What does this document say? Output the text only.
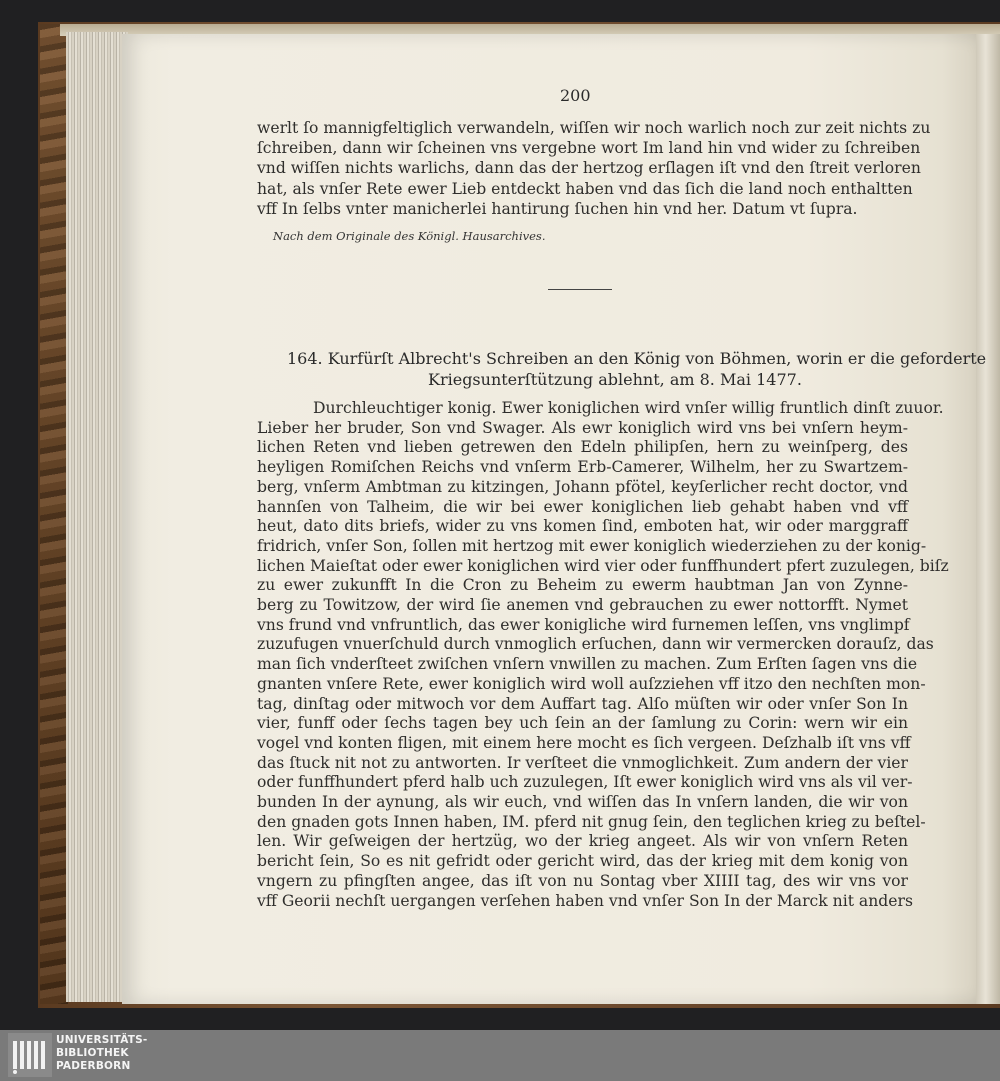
200
werlt ſo mannigfeltiglich verwandeln, wiſſen wir noch warlich noch zur zeit nichts zu
ſchreiben, dann wir ſcheinen vns vergebne wort Im land hin vnd wider zu ſchreiben
vnd wiſſen nichts warlichs, dann das der hertzog erſlagen iſt vnd den ſtreit verloren
hat, als vnſer Rete ewer Lieb entdeckt haben vnd das ſich die land noch enthaltten
vff In ſelbs vnter manicherlei hantirung ſuchen hin vnd her. Datum vt ſupra.
Nach dem Originale des Königl. Hausarchives.
164. Kurfürſt Albrecht's Schreiben an den König von Böhmen, worin er die geforderte
Kriegsunterſtützung ablehnt, am 8. Mai 1477.
Durchleuchtiger konig. Ewer koniglichen wird vnſer willig fruntlich dinſt zuuor.
Lieber her bruder, Son vnd Swager. Als ewr koniglich wird vns bei vnſern heym-
lichen Reten vnd lieben getrewen den Edeln philipſen, hern zu weinſperg, des
heyligen Romiſchen Reichs vnd vnſerm Erb-Camerer, Wilhelm, her zu Swartzem-
berg, vnſerm Ambtman zu kitzingen, Johann pfötel, keyſerlicher recht doctor, vnd
hannſen von Talheim, die wir bei ewer koniglichen lieb gehabt haben vnd vff
heut, dato dits briefs, wider zu vns komen ſind, emboten hat, wir oder marggraff
fridrich, vnſer Son, ſollen mit hertzog mit ewer koniglich wiederziehen zu der konig-
lichen Maieſtat oder ewer koniglichen wird vier oder funffhundert pfert zuzulegen, biſz
zu ewer zukunfft In die Cron zu Beheim zu ewerm haubtman Jan von Zynne-
berg zu Towitzow, der wird ſie anemen vnd gebrauchen zu ewer nottorfft. Nymet
vns frund vnd vnfruntlich, das ewer konigliche wird furnemen leſſen, vns vnglimpf
zuzufugen vnuerſchuld durch vnmoglich erſuchen, dann wir vermercken dorauſz, das
man ſich vnderſteet zwiſchen vnſern vnwillen zu machen. Zum Erſten ſagen vns die
gnanten vnſere Rete, ewer koniglich wird woll auſzziehen vff itzo den nechſten mon-
tag, dinſtag oder mitwoch vor dem Auffart tag. Alſo müſten wir oder vnſer Son In
vier, funff oder ſechs tagen bey uch ſein an der ſamlung zu Corin: wern wir ein
vogel vnd konten fligen, mit einem here mocht es ſich vergeen. Deſzhalb iſt vns vff
das ſtuck nit not zu antworten. Ir verſteet die vnmoglichkeit. Zum andern der vier
oder funffhundert pferd halb uch zuzulegen, Iſt ewer koniglich wird vns als vil ver-
bunden In der aynung, als wir euch, vnd wiſſen das In vnſern landen, die wir von
den gnaden gots Innen haben, IM. pferd nit gnug ſein, den teglichen krieg zu beſtel-
len. Wir geſweigen der hertzüg, wo der krieg angeet. Als wir von vnſern Reten
bericht ſein, So es nit gefridt oder gericht wird, das der krieg mit dem konig von
vngern zu pfingſten angee, das iſt von nu Sontag vber XIIII tag, des wir vns vor
vff Georii nechſt uergangen verſehen haben vnd vnſer Son In der Marck nit anders
UNIVERSITÄTS-
BIBLIOTHEK
PADERBORN
